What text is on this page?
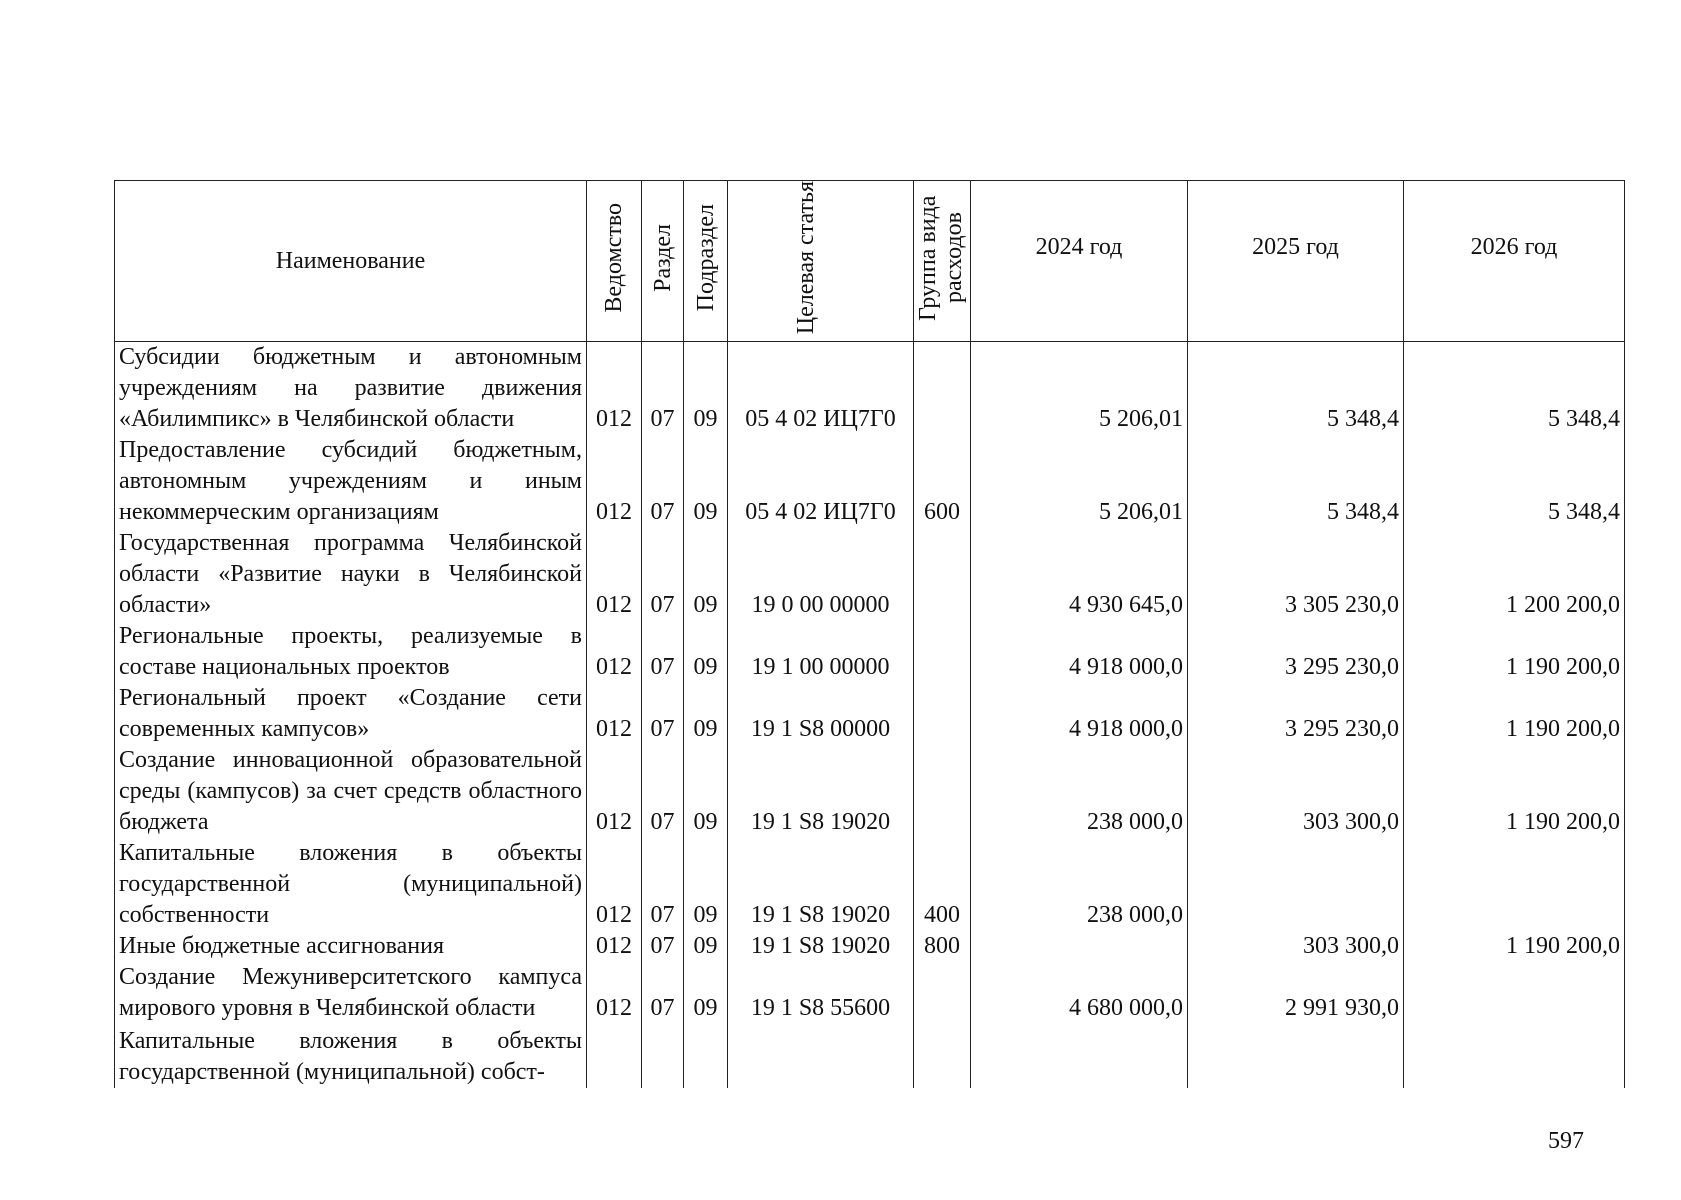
Наименование	Ведомство	Раздел	Подраздел	Целевая статья	Группа вида расходов	2024 год	2025 год	2026 год

Субсидии бюджетным и автономным учреждениям на развитие движения «Абилимпикс» в Челябинской области	012	07	09	05 4 02 ИЦ7Г0		5 206,01	5 348,4	5 348,4
Предоставление субсидий бюджетным, автономным учреждениям и иным некоммерческим организациям	012	07	09	05 4 02 ИЦ7Г0	600	5 206,01	5 348,4	5 348,4
Государственная программа Челябинской области «Развитие науки в Челябинской области»	012	07	09	19 0 00 00000		4 930 645,0	3 305 230,0	1 200 200,0
Региональные проекты, реализуемые в составе национальных проектов	012	07	09	19 1 00 00000		4 918 000,0	3 295 230,0	1 190 200,0
Региональный проект «Создание сети современных кампусов»	012	07	09	19 1 S8 00000		4 918 000,0	3 295 230,0	1 190 200,0
Создание инновационной образовательной среды (кампусов) за счет средств областного бюджета	012	07	09	19 1 S8 19020		238 000,0	303 300,0	1 190 200,0
Капитальные вложения в объекты государственной (муниципальной) собственности	012	07	09	19 1 S8 19020	400	238 000,0		
Иные бюджетные ассигнования	012	07	09	19 1 S8 19020	800		303 300,0	1 190 200,0
Создание Межуниверситетского кампуса мирового уровня в Челябинской области	012	07	09	19 1 S8 55600		4 680 000,0	2 991 930,0	
Капитальные вложения в объекты государственной (муниципальной) собст-								
597
